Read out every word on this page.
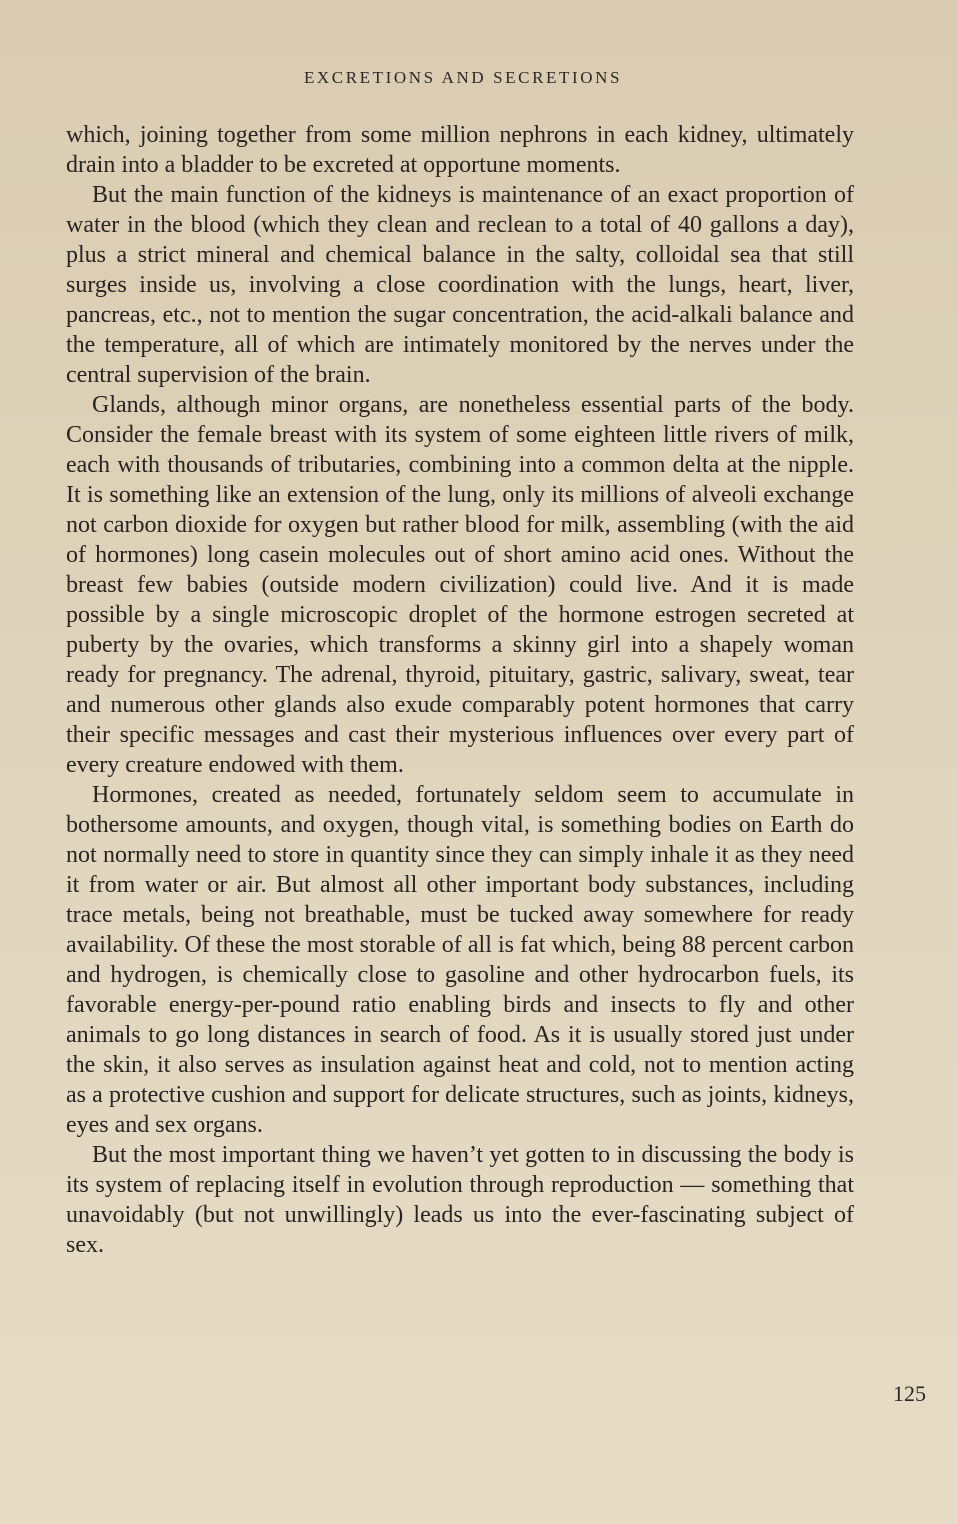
EXCRETIONS AND SECRETIONS

which, joining together from some million nephrons in each kidney, ultimately drain into a bladder to be excreted at opportune moments.

But the main function of the kidneys is maintenance of an exact proportion of water in the blood (which they clean and reclean to a total of 40 gallons a day), plus a strict mineral and chemical balance in the salty, colloidal sea that still surges inside us, involving a close coordination with the lungs, heart, liver, pancreas, etc., not to mention the sugar concentration, the acid-alkali balance and the temperature, all of which are intimately monitored by the nerves under the central supervision of the brain.

Glands, although minor organs, are nonetheless essential parts of the body. Consider the female breast with its system of some eighteen little rivers of milk, each with thousands of tributaries, combining into a common delta at the nipple. It is something like an extension of the lung, only its millions of alveoli exchange not carbon dioxide for oxygen but rather blood for milk, assembling (with the aid of hormones) long casein molecules out of short amino acid ones. Without the breast few babies (outside modern civilization) could live. And it is made possible by a single microscopic droplet of the hormone estrogen secreted at puberty by the ovaries, which transforms a skinny girl into a shapely woman ready for pregnancy. The adrenal, thyroid, pituitary, gastric, salivary, sweat, tear and numerous other glands also exude comparably potent hormones that carry their specific messages and cast their mysterious influences over every part of every creature endowed with them.

Hormones, created as needed, fortunately seldom seem to accumulate in bothersome amounts, and oxygen, though vital, is something bodies on Earth do not normally need to store in quantity since they can simply inhale it as they need it from water or air. But almost all other important body substances, including trace metals, being not breathable, must be tucked away somewhere for ready availability. Of these the most storable of all is fat which, being 88 percent carbon and hydrogen, is chemically close to gasoline and other hydrocarbon fuels, its favorable energy-per-pound ratio enabling birds and insects to fly and other animals to go long distances in search of food. As it is usually stored just under the skin, it also serves as insulation against heat and cold, not to mention acting as a protective cushion and support for delicate structures, such as joints, kidneys, eyes and sex organs.

But the most important thing we haven’t yet gotten to in discussing the body is its system of replacing itself in evolution through reproduction — something that unavoidably (but not unwillingly) leads us into the ever-fascinating subject of sex.

125
